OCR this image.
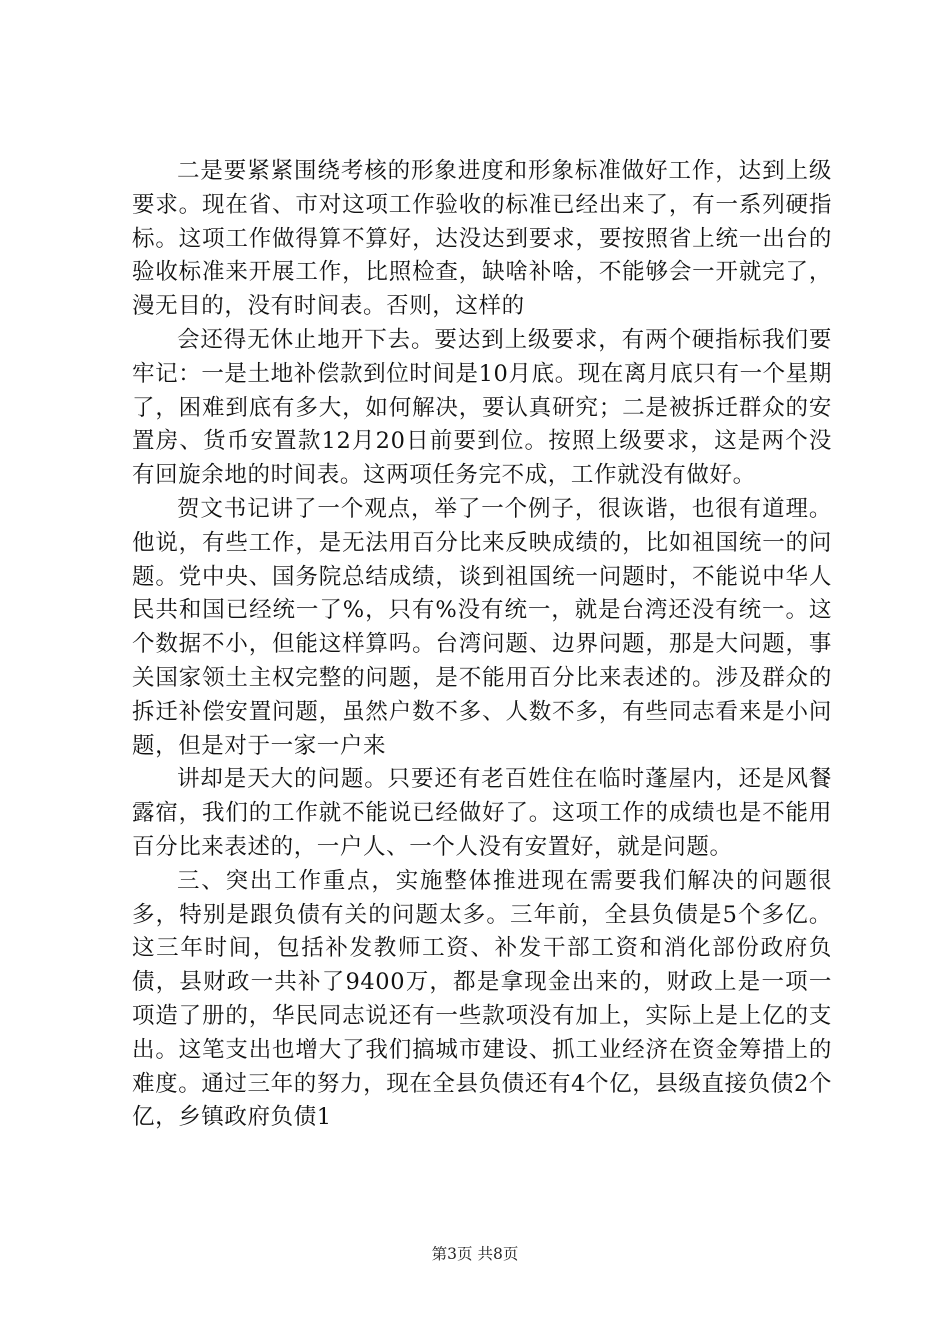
二是要紧紧围绕考核的形象进度和形象标准做好工作，达到上级要求。现在省、市对这项工作验收的标准已经出来了，有一系列硬指标。这项工作做得算不算好，达没达到要求，要按照省上统一出台的验收标准来开展工作，比照检查，缺啥补啥，不能够会一开就完了，漫无目的，没有时间表。否则，这样的

会还得无休止地开下去。要达到上级要求，有两个硬指标我们要牢记：一是土地补偿款到位时间是10月底。现在离月底只有一个星期了，困难到底有多大，如何解决，要认真研究；二是被拆迁群众的安置房、货币安置款12月20日前要到位。按照上级要求，这是两个没有回旋余地的时间表。这两项任务完不成，工作就没有做好。

贺文书记讲了一个观点，举了一个例子，很诙谐，也很有道理。他说，有些工作，是无法用百分比来反映成绩的，比如祖国统一的问题。党中央、国务院总结成绩，谈到祖国统一问题时，不能说中华人民共和国已经统一了%，只有%没有统一，就是台湾还没有统一。这个数据不小，但能这样算吗。台湾问题、边界问题，那是大问题，事关国家领土主权完整的问题，是不能用百分比来表述的。涉及群众的拆迁补偿安置问题，虽然户数不多、人数不多，有些同志看来是小问题，但是对于一家一户来

讲却是天大的问题。只要还有老百姓住在临时蓬屋内，还是风餐露宿，我们的工作就不能说已经做好了。这项工作的成绩也是不能用百分比来表述的，一户人、一个人没有安置好，就是问题。

三、突出工作重点，实施整体推进现在需要我们解决的问题很多，特别是跟负债有关的问题太多。三年前，全县负债是5个多亿。这三年时间，包括补发教师工资、补发干部工资和消化部份政府负债，县财政一共补了9400万，都是拿现金出来的，财政上是一项一项造了册的，华民同志说还有一些款项没有加上，实际上是上亿的支出。这笔支出也增大了我们搞城市建设、抓工业经济在资金筹措上的难度。通过三年的努力，现在全县负债还有4个亿，县级直接负债2个亿，乡镇政府负债1

第3页 共8页
